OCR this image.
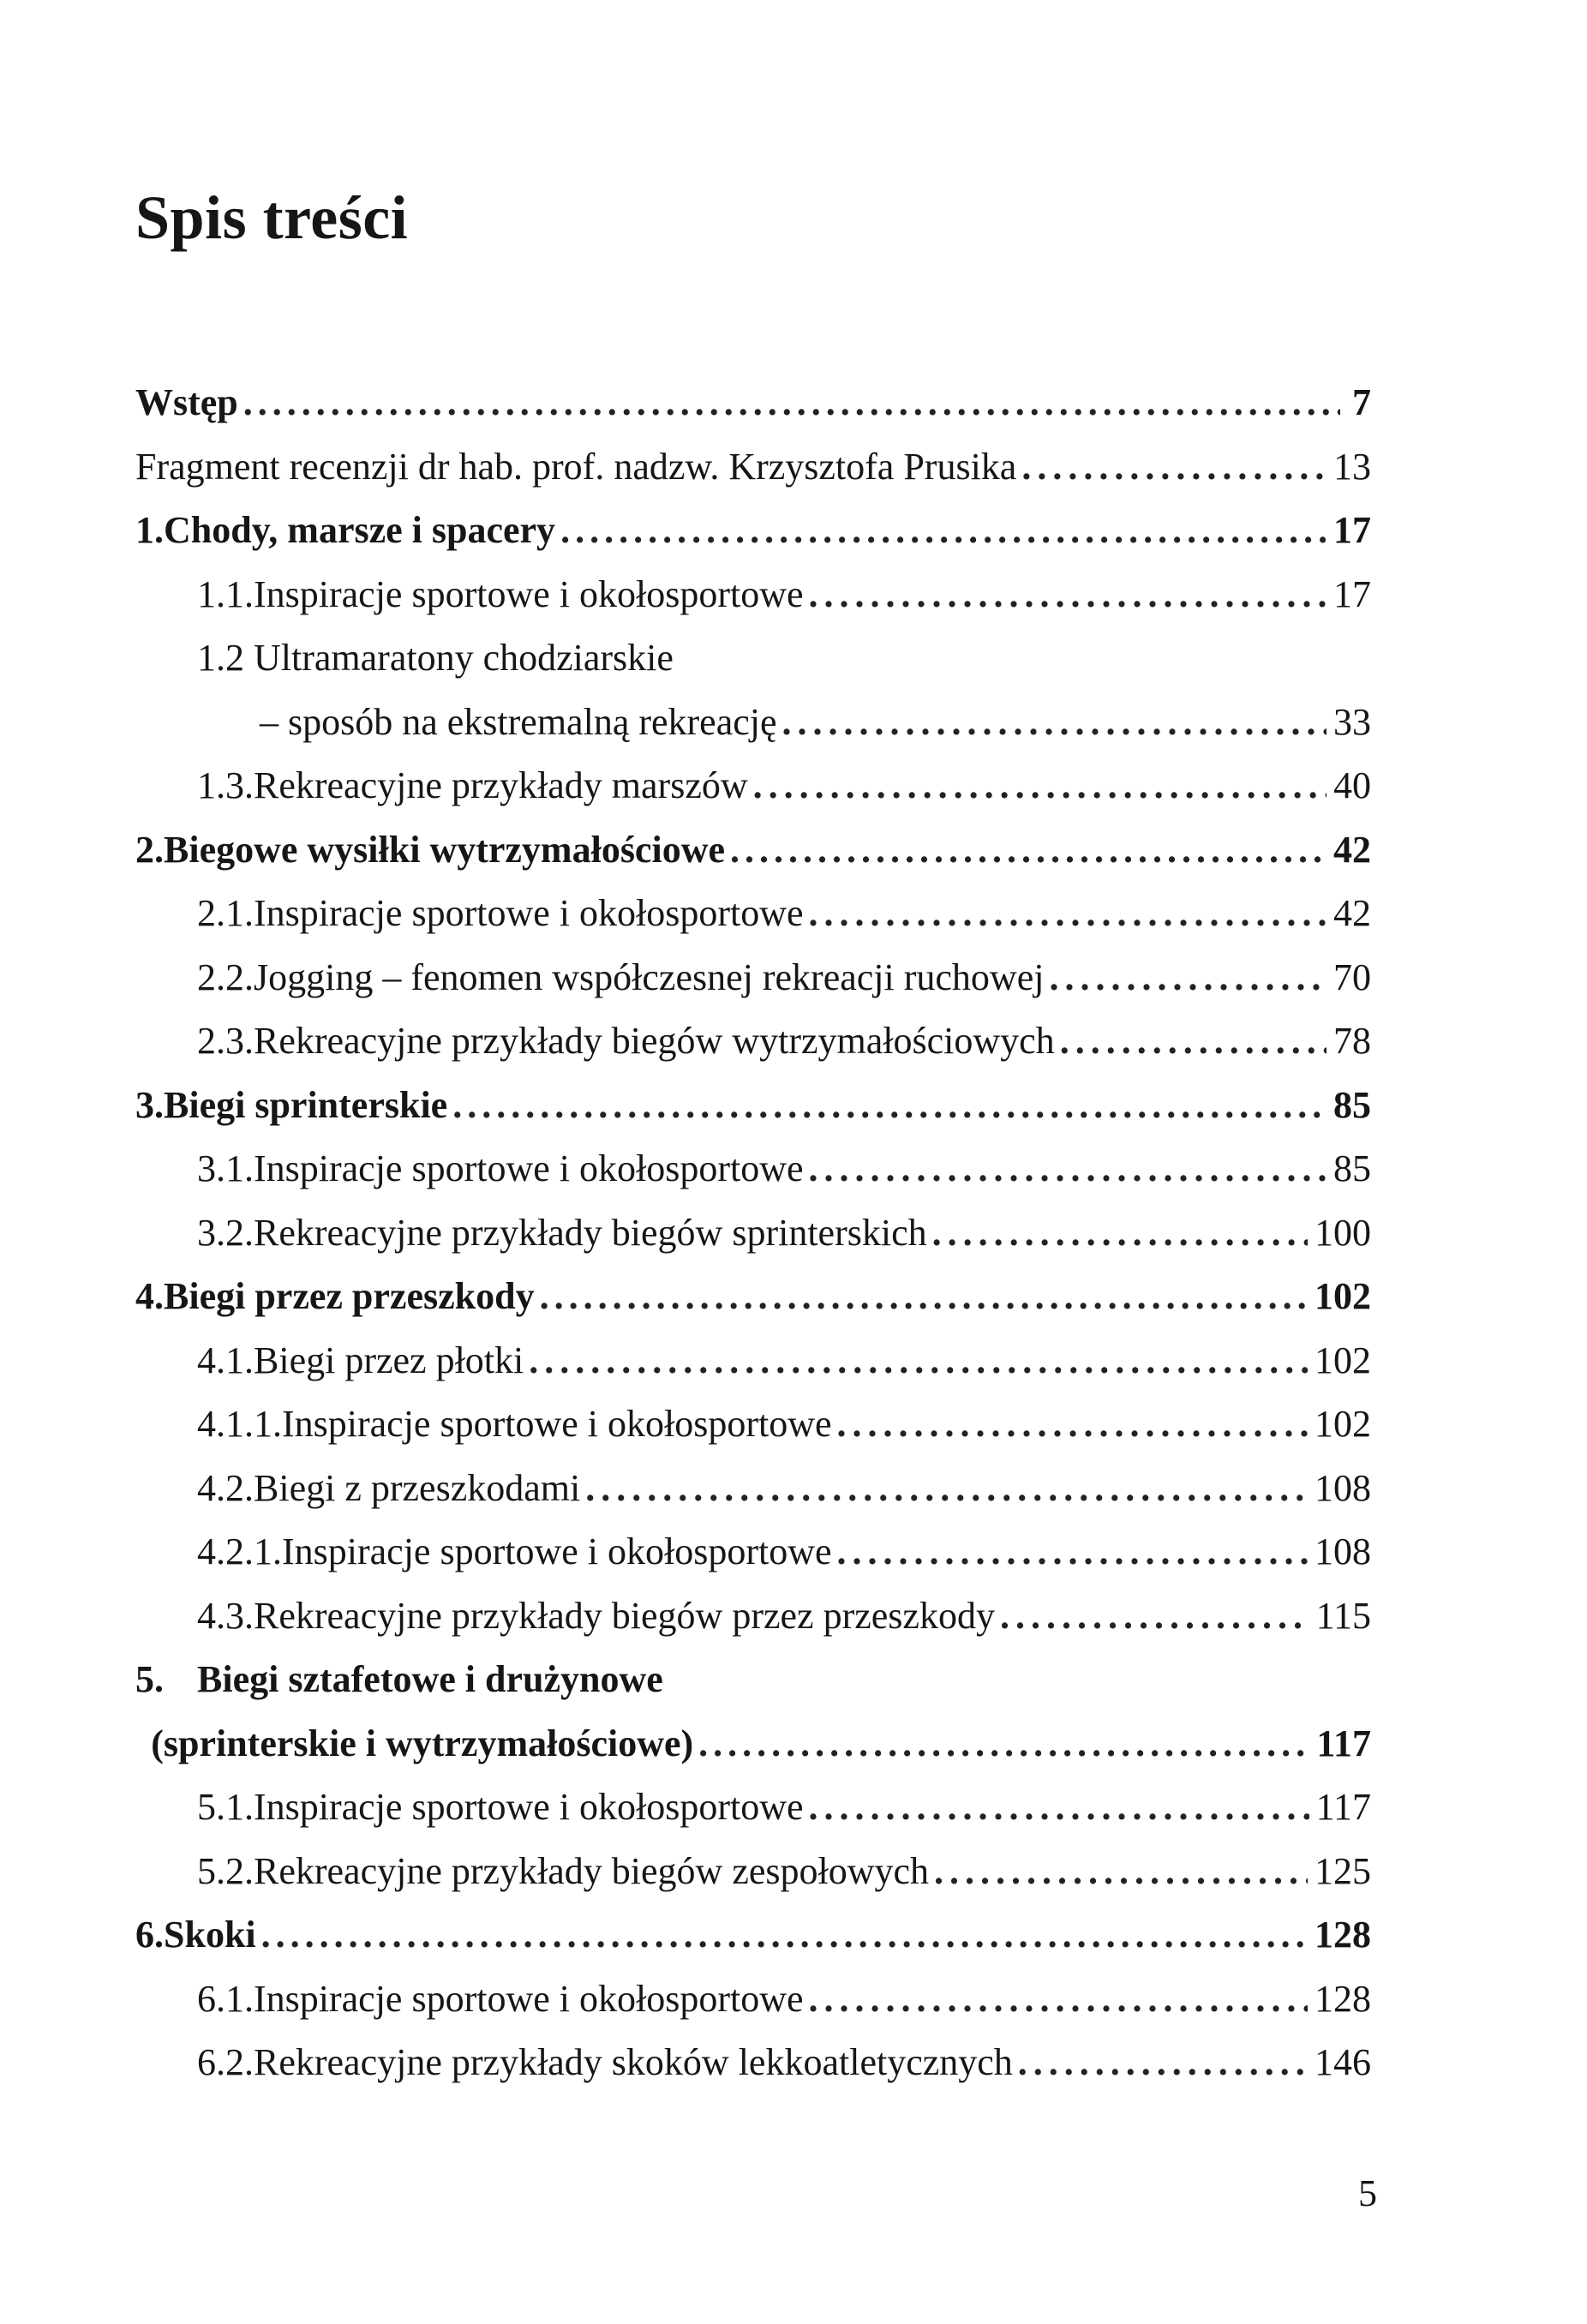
Spis treści
Wstęp .....	7
Fragment recenzji dr hab. prof. nadzw. Krzysztofa Prusika .....	13
1. Chody, marsze i spacery .....	17
1.1.Inspiracje sportowe i okołosportowe .....	17
1.2 Ultramaratony chodziarskie
– sposób na ekstremalną rekreację .....	33
1.3.Rekreacyjne przykłady marszów .....	40
2. Biegowe wysiłki wytrzymałościowe .....	42
2.1.Inspiracje sportowe i okołosportowe .....	42
2.2.Jogging – fenomen współczesnej rekreacji ruchowej .....	70
2.3.Rekreacyjne przykłady biegów wytrzymałościowych .....	78
3. Biegi sprinterskie .....	85
3.1.Inspiracje sportowe i okołosportowe .....	85
3.2.Rekreacyjne przykłady biegów sprinterskich .....	100
4. Biegi przez przeszkody .....	102
4.1.Biegi przez płotki .....	102
4.1.1.Inspiracje sportowe i okołosportowe .....	102
4.2.Biegi z przeszkodami .....	108
4.2.1.Inspiracje sportowe i okołosportowe .....	108
4.3.Rekreacyjne przykłady biegów przez przeszkody .....	115
5. Biegi sztafetowe i drużynowe
(sprinterskie i wytrzymałościowe) .....	117
5.1.Inspiracje sportowe i okołosportowe .....	117
5.2.Rekreacyjne przykłady biegów zespołowych .....	125
6. Skoki .....	128
6.1.Inspiracje sportowe i okołosportowe .....	128
6.2.Rekreacyjne przykłady skoków lekkoatletycznych .....	146
5
